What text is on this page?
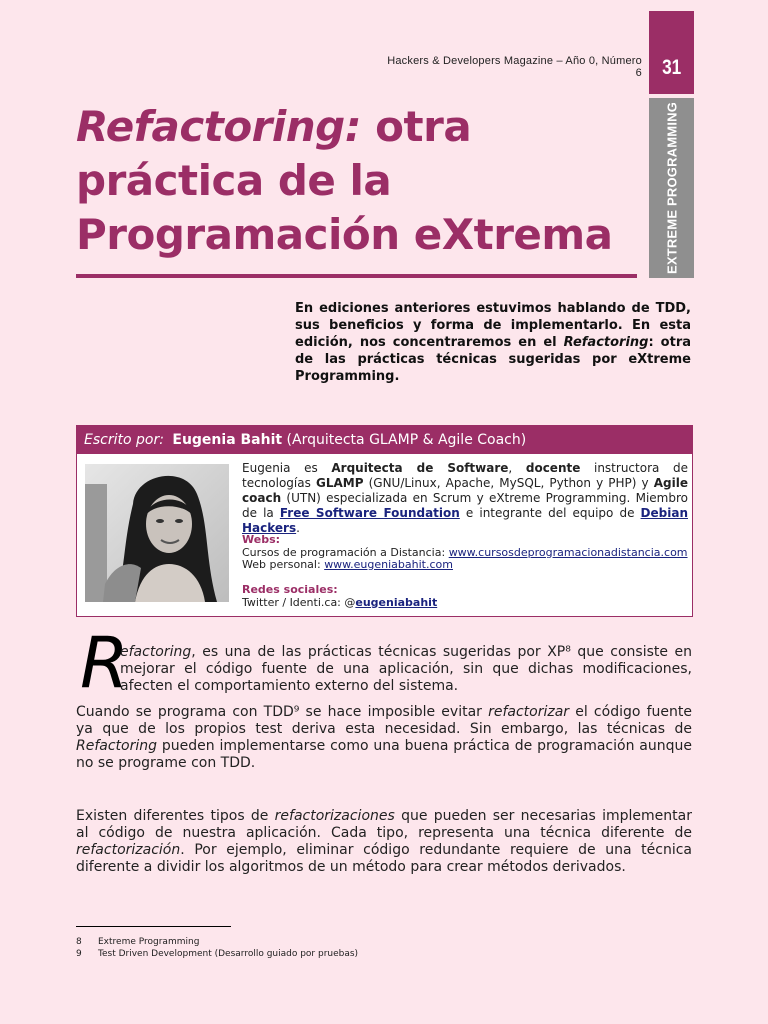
Hackers & Developers Magazine – Año 0, Número 6 31
EXTREME PROGRAMMING
Refactoring: otra
práctica de la
Programación eXtrema
En ediciones anteriores estuvimos hablando de TDD, sus beneficios y forma de implementarlo. En esta edición, nos concentraremos en el Refactoring: otra de las prácticas técnicas sugeridas por eXtreme Programming.
Escrito por: Eugenia Bahit (Arquitecta GLAMP & Agile Coach)
Eugenia es Arquitecta de Software, docente instructora de tecnologías GLAMP (GNU/Linux, Apache, MySQL, Python y PHP) y Agile coach (UTN) especializada en Scrum y eXtreme Programming. Miembro de la Free Software Foundation e integrante del equipo de Debian Hackers.
Webs:
Cursos de programación a Distancia: www.cursosdeprogramacionadistancia.com
Web personal: www.eugeniabahit.com
Redes sociales:
Twitter / Identi.ca: @eugeniabahit
R

efactoring, es una de las prácticas técnicas sugeridas por XP⁸ que consiste en mejorar el código fuente de una aplicación, sin que dichas modificaciones, afecten el comportamiento externo del sistema.

Cuando se programa con TDD⁹ se hace imposible evitar refactorizar el código fuente ya que de los propios test deriva esta necesidad. Sin embargo, las técnicas de Refactoring pueden implementarse como una buena práctica de programación aunque no se programe con TDD.

Existen diferentes tipos de refactorizaciones que pueden ser necesarias implementar al código de nuestra aplicación. Cada tipo, representa una técnica diferente de refactorización. Por ejemplo, eliminar código redundante requiere de una técnica diferente a dividir los algoritmos de un método para crear métodos derivados.

8 Extreme Programming
9 Test Driven Development (Desarrollo guiado por pruebas)
